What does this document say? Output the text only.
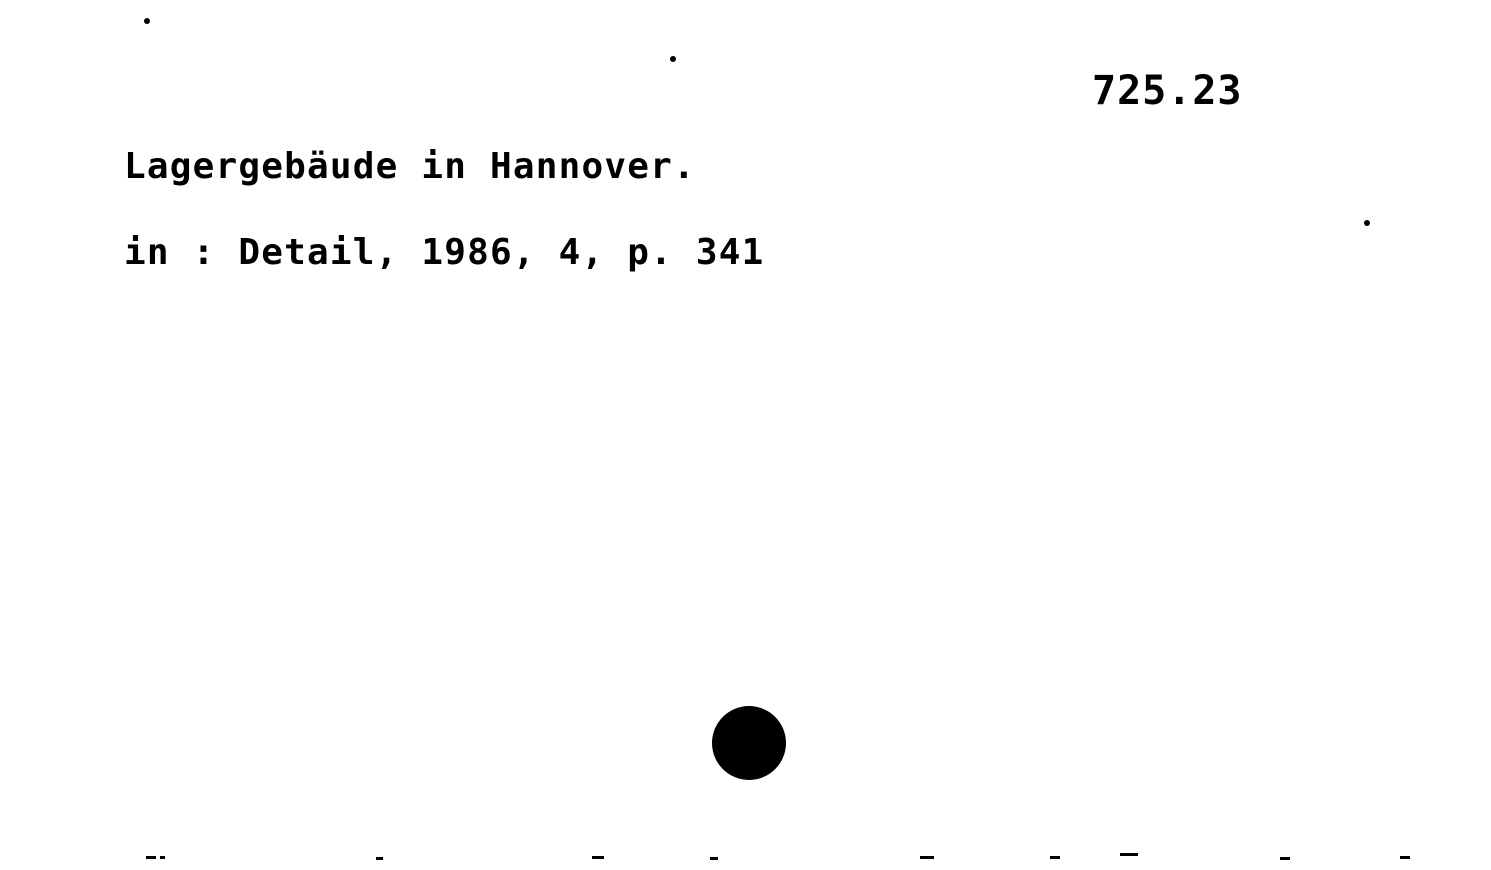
725.23
Lagergebäude in Hannover.
in : Detail, 1986, 4, p. 341
